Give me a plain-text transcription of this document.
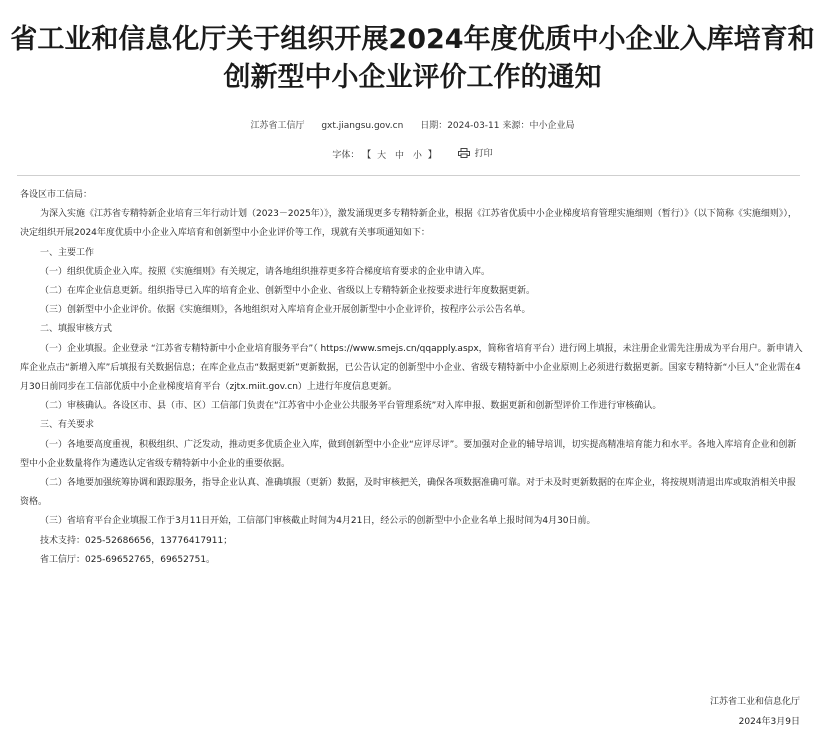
省工业和信息化厅关于组织开展2024年度优质中小企业入库培育和
创新型中小企业评价工作的通知
江苏省工信厅 gxt.jiangsu.gov.cn 日期：2024-03-11 来源：中小企业局
字体： 【 大 中 小 】	打印

各设区市工信局：

为深入实施《江苏省专精特新企业培育三年行动计划（2023－2025年）》，激发涌现更多专精特新企业，根据《江苏省优质中小企业梯度培育管理实施细则（暂行）》（以下简称《实施细则》），决定组织开展2024年度优质中小企业入库培育和创新型中小企业评价等工作，现就有关事项通知如下：

一、主要工作

（一）组织优质企业入库。按照《实施细则》有关规定，请各地组织推荐更多符合梯度培育要求的企业申请入库。

（二）在库企业信息更新。组织指导已入库的培育企业、创新型中小企业、省级以上专精特新企业按要求进行年度数据更新。

（三）创新型中小企业评价。依据《实施细则》，各地组织对入库培育企业开展创新型中小企业评价，按程序公示公告名单。

二、填报审核方式

（一）企业填报。企业登录 “江苏省专精特新中小企业培育服务平台”（ https://www.smejs.cn/qqapply.aspx，简称省培育平台）进行网上填报，未注册企业需先注册成为平台用户。新申请入库企业点击“新增入库”后填报有关数据信息；在库企业点击“数据更新”更新数据，已公告认定的创新型中小企业、省级专精特新中小企业原则上必须进行数据更新。国家专精特新“小巨人”企业需在4月30日前同步在工信部优质中小企业梯度培育平台（zjtx.miit.gov.cn）上进行年度信息更新。

（二）审核确认。各设区市、县（市、区）工信部门负责在“江苏省中小企业公共服务平台管理系统”对入库申报、数据更新和创新型评价工作进行审核确认。

三、有关要求

（一）各地要高度重视，积极组织、广泛发动，推动更多优质企业入库，做到创新型中小企业“应评尽评”。要加强对企业的辅导培训，切实提高精准培育能力和水平。各地入库培育企业和创新型中小企业数量将作为遴选认定省级专精特新中小企业的重要依据。

（二）各地要加强统筹协调和跟踪服务，指导企业认真、准确填报（更新）数据，及时审核把关，确保各项数据准确可靠。对于未及时更新数据的在库企业，将按规则清退出库或取消相关申报资格。

（三）省培育平台企业填报工作于3月11日开始，工信部门审核截止时间为4月21日，经公示的创新型中小企业名单上报时间为4月30日前。

技术支持：025-52686656，13776417911；

省工信厅：025-69652765，69652751。

江苏省工业和信息化厅
2024年3月9日
